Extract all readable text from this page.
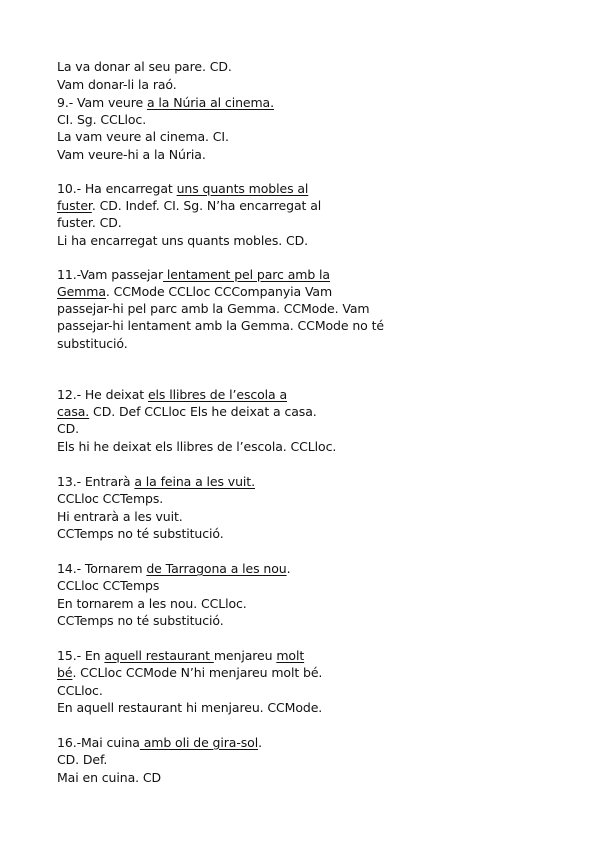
La va donar al seu pare. CD.
Vam donar-li la raó.
9.- Vam veure a la Núria al cinema.
CI. Sg. CCLloc.
La vam veure al cinema. CI.
Vam veure-hi a la Núria.
10.- Ha encarregat uns quants mobles al
fuster. CD. Indef. CI. Sg. N’ha encarregat al
fuster. CD.
Li ha encarregat uns quants mobles. CD.
11.-Vam passejar lentament pel parc amb la
Gemma. CCMode CCLloc CCCompanyia Vam
passejar-hi pel parc amb la Gemma. CCMode. Vam
passejar-hi lentament amb la Gemma. CCMode no té
substitució.
12.- He deixat els llibres de l’escola a
casa. CD. Def CCLloc Els he deixat a casa.
CD.
Els hi he deixat els llibres de l’escola. CCLloc.
13.- Entrarà a la feina a les vuit.
CCLloc CCTemps.
Hi entrarà a les vuit.
CCTemps no té substitució.
14.- Tornarem de Tarragona a les nou.
CCLloc CCTemps
En tornarem a les nou. CCLloc.
CCTemps no té substitució.
15.- En aquell restaurant menjareu molt
bé. CCLloc CCMode N’hi menjareu molt bé.
CCLloc.
En aquell restaurant hi menjareu. CCMode.
16.-Mai cuina amb oli de gira-sol.
CD. Def.
Mai en cuina. CD
